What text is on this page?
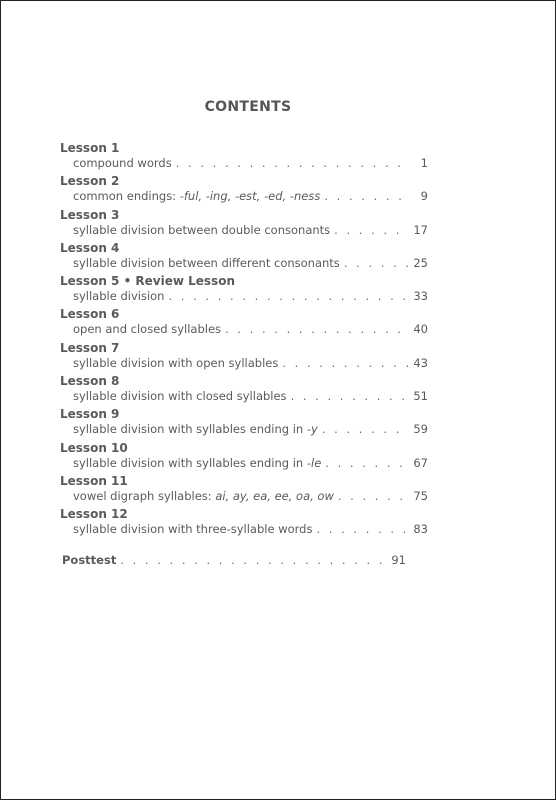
CONTENTS
Lesson 1
compound words . . .	1
Lesson 2
common endings: -ful, -ing, -est, -ed, -ness . . .	9
Lesson 3
syllable division between double consonants . . .	17
Lesson 4
syllable division between different consonants . . .	25
Lesson 5 • Review Lesson
syllable division . . .	33
Lesson 6
open and closed syllables . . .	40
Lesson 7
syllable division with open syllables . . .	43
Lesson 8
syllable division with closed syllables . . .	51
Lesson 9
syllable division with syllables ending in -y . . .	59
Lesson 10
syllable division with syllables ending in -le . . .	67
Lesson 11
vowel digraph syllables: ai, ay, ea, ee, oa, ow . . .	75
Lesson 12
syllable division with three-syllable words . . .	83
Posttest . . .	91
